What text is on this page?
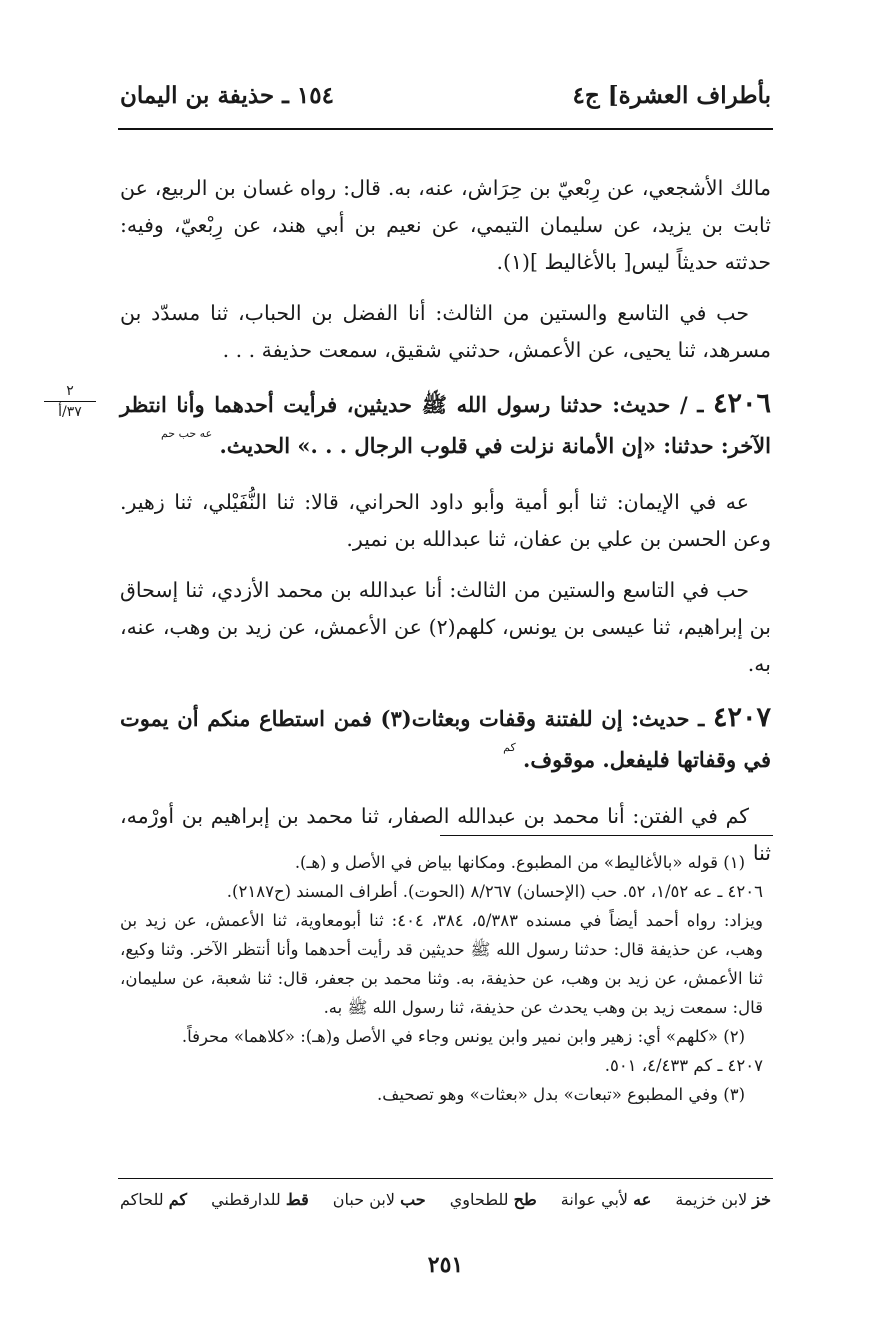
بأطراف العشرة] ج٤
١٥٤ ـ حذيفة بن اليمان

مالك الأشجعي، عن رِبْعيّ بن حِرَاش، عنه، به. قال: رواه غسان بن الربيع، عن ثابت بن يزيد، عن سليمان التيمي، عن نعيم بن أبي هند، عن رِبْعيّ، وفيه: حدثته حديثاً ليس[ بالأغاليط ](١).

حب في التاسع والستين من الثالث: أنا الفضل بن الحباب، ثنا مسدّد بن مسرهد، ثنا يحيى، عن الأعمش، حدثني شقيق، سمعت حذيفة . . .

٢
٣٧/أ	٤٢٠٦ ـ / حديث: حدثنا رسول الله ﷺ حديثين، فرأيت أحدهما وأنا انتظر الآخر: حدثنا: «إن الأمانة نزلت في قلوب الرجال . . .» الحديث. $^{عه حب حم}$

عه في الإيمان: ثنا أبو أمية وأبو داود الحراني، قالا: ثنا النُّفَيْلي، ثنا زهير. وعن الحسن بن علي بن عفان، ثنا عبدالله بن نمير.

حب في التاسع والستين من الثالث: أنا عبدالله بن محمد الأزدي، ثنا إسحاق بن إبراهيم، ثنا عيسى بن يونس، كلهم(٢) عن الأعمش، عن زيد بن وهب، عنه، به.

٤٢٠٧ ـ حديث: إن للفتنة وقفات وبعثات(٣) فمن استطاع منكم أن يموت في وقفاتها فليفعل. موقوف. $^{كم}$

كم في الفتن: أنا محمد بن عبدالله الصفار، ثنا محمد بن إبراهيم بن أورْمه، ثنا

(١) قوله «بالأغاليط» من المطبوع. ومكانها بياض في الأصل و (هـ).

٤٢٠٦ ـ عه ١/٥٢، ٥٢. حب (الإحسان) ٨/٢٦٧ (الحوت). أطراف المسند (ح٢١٨٧).

ويزاد: رواه أحمد أيضاً في مسنده ٥/٣٨٣، ٣٨٤، ٤٠٤: ثنا أبومعاوية، ثنا الأعمش، عن زيد بن وهب، عن حذيفة قال: حدثنا رسول الله ﷺ حديثين قد رأيت أحدهما وأنا أنتظر الآخر. وثنا وكيع، ثنا الأعمش، عن زيد بن وهب، عن حذيفة، به. وثنا محمد بن جعفر، قال: ثنا شعبة، عن سليمان، قال: سمعت زيد بن وهب يحدث عن حذيفة، ثنا رسول الله ﷺ به.

(٢) «كلهم» أي: زهير وابن نمير وابن يونس وجاء في الأصل و(هـ): «كلاهما» محرفاً.

٤٢٠٧ ـ كم ٤/٤٣٣، ٥٠١.

(٣) وفي المطبوع «تبعات» بدل «بعثات» وهو تصحيف.

خز لابن خزيمة
عه لأبي عوانة
طح للطحاوي
حب لابن حبان
قط للدارقطني
كم للحاكم
٢٥١
